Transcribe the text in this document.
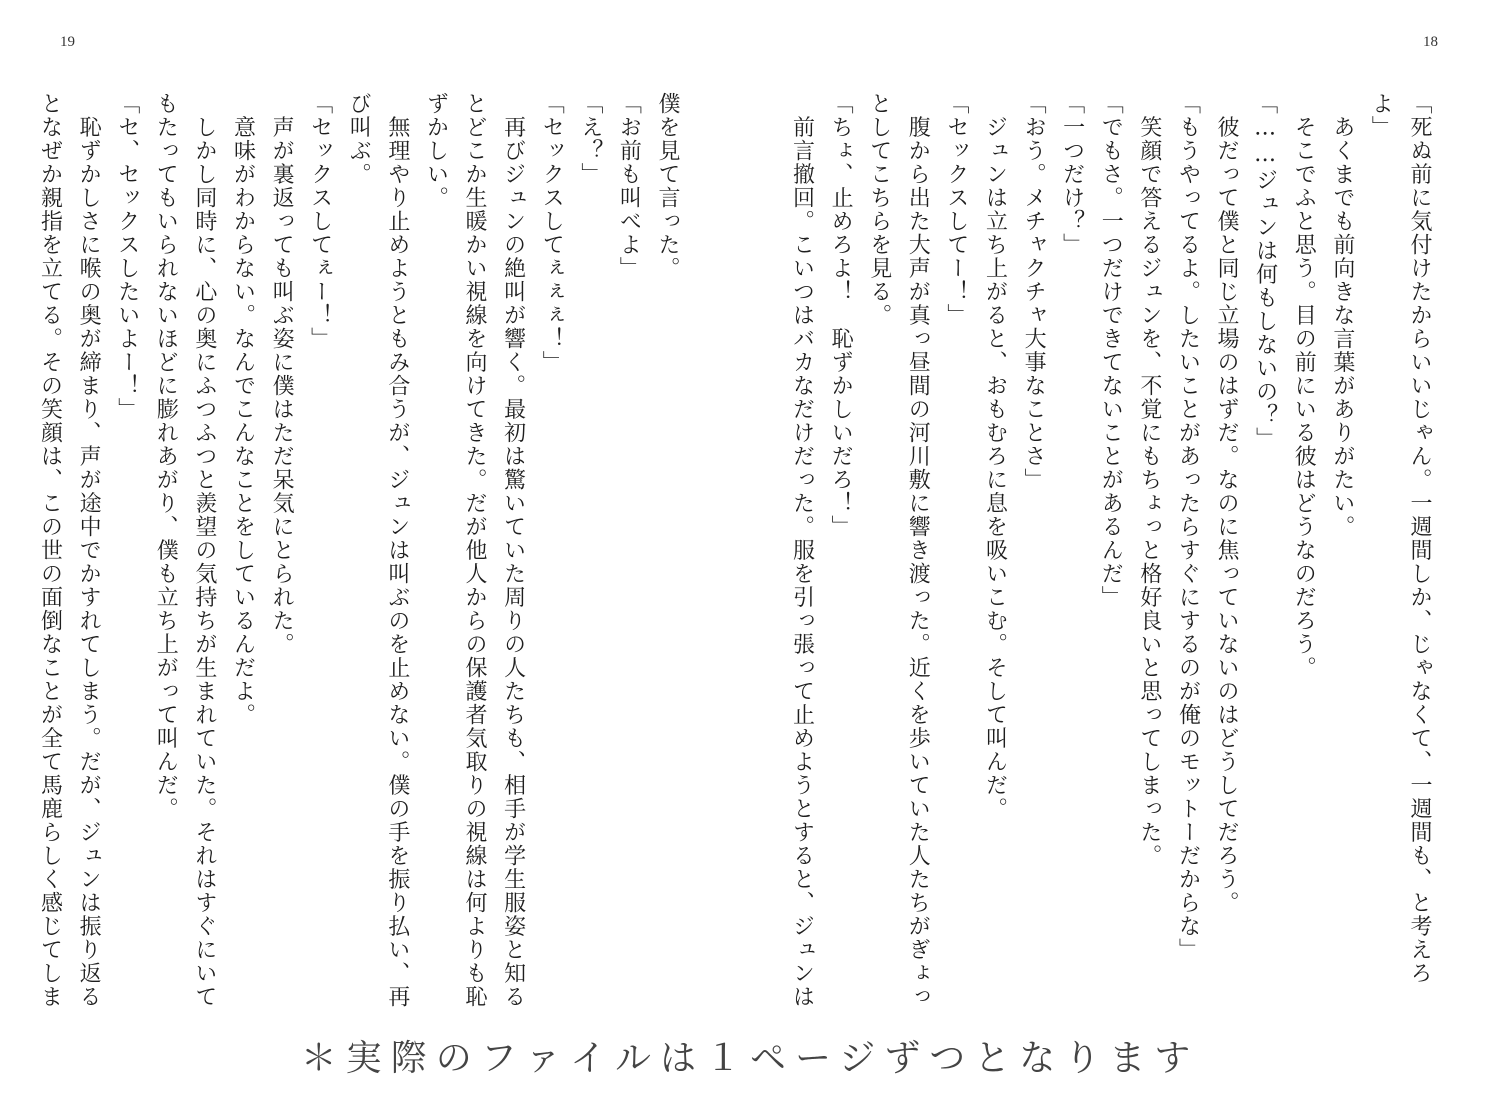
19	18

「死ぬ前に気付けたからいいじゃん。一週間しか、じゃなくて、一週間も、と考えろ

よ」

　あくまでも前向きな言葉がありがたい。

　そこでふと思う。目の前にいる彼はどうなのだろう。

「……ジュンは何もしないの？」

　彼だって僕と同じ立場のはずだ。なのに焦っていないのはどうしてだろう。

「もうやってるよ。したいことがあったらすぐにするのが俺のモットーだからな」

　笑顔で答えるジュンを、不覚にもちょっと格好良いと思ってしまった。

「でもさ。一つだけできてないことがあるんだ」

「一つだけ？」

「おう。メチャクチャ大事なことさ」

　ジュンは立ち上がると、おもむろに息を吸いこむ。そして叫んだ。

「セックスしてー！」

　腹から出た大声が真っ昼間の河川敷に響き渡った。近くを歩いていた人たちがぎょっ

としてこちらを見る。

「ちょ、止めろよ！　恥ずかしいだろ！」

　前言撤回。こいつはバカなだけだった。服を引っ張って止めようとすると、ジュンは

僕を見て言った。

「お前も叫べよ」

「え？」

「セックスしてぇぇぇ！」

　再びジュンの絶叫が響く。最初は驚いていた周りの人たちも、相手が学生服姿と知る

とどこか生暖かい視線を向けてきた。だが他人からの保護者気取りの視線は何よりも恥

ずかしい。

　無理やり止めようともみ合うが、ジュンは叫ぶのを止めない。僕の手を振り払い、再

び叫ぶ。

「セックスしてぇー！」

　声が裏返っても叫ぶ姿に僕はただ呆気にとられた。

　意味がわからない。なんでこんなことをしているんだよ。

　しかし同時に、心の奥にふつふつと羨望の気持ちが生まれていた。それはすぐにいて

もたってもいられないほどに膨れあがり、僕も立ち上がって叫んだ。

「セ、セックスしたいよー！」

　恥ずかしさに喉の奥が締まり、声が途中でかすれてしまう。だが、ジュンは振り返る

となぜか親指を立てる。その笑顔は、この世の面倒なことが全て馬鹿らしく感じてしま

＊実際のファイルは１ページずつとなります
